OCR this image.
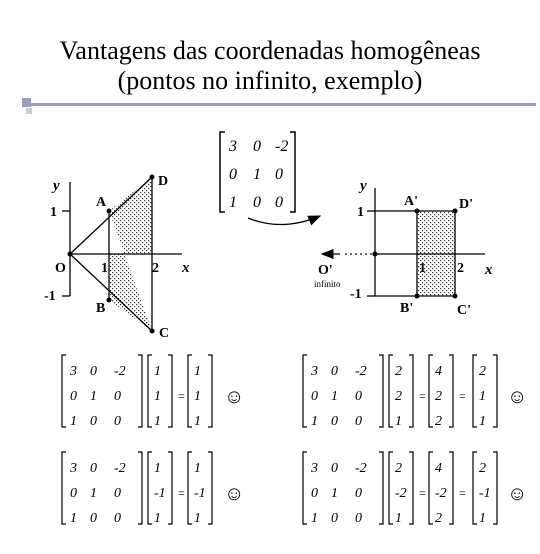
Vantagens das coordenadas homogêneas
(pontos no infinito, exemplo)
3 0 -2
0 1 0
1 0 0
y
x
O	1	2
1
-1
A
B
C
D	y
x
O'
infinito
1 2
1
-1
A'
B'	C'
D'
3 0 -2
0 1 0
1 0 0
1
1
1
=
1
1
1
☺
3 0 -2
0 1 0
1 0 0
2
2
1
=
4
2
2
=
2
1
1
☺
3 0 -2
0 1 0
1 0 0
1
-1
1
=
1
-1
1
☺
3 0 -2
0 1 0
1 0 0
2
-2
1
=
4
-2
2
=
2
-1
1
☺
